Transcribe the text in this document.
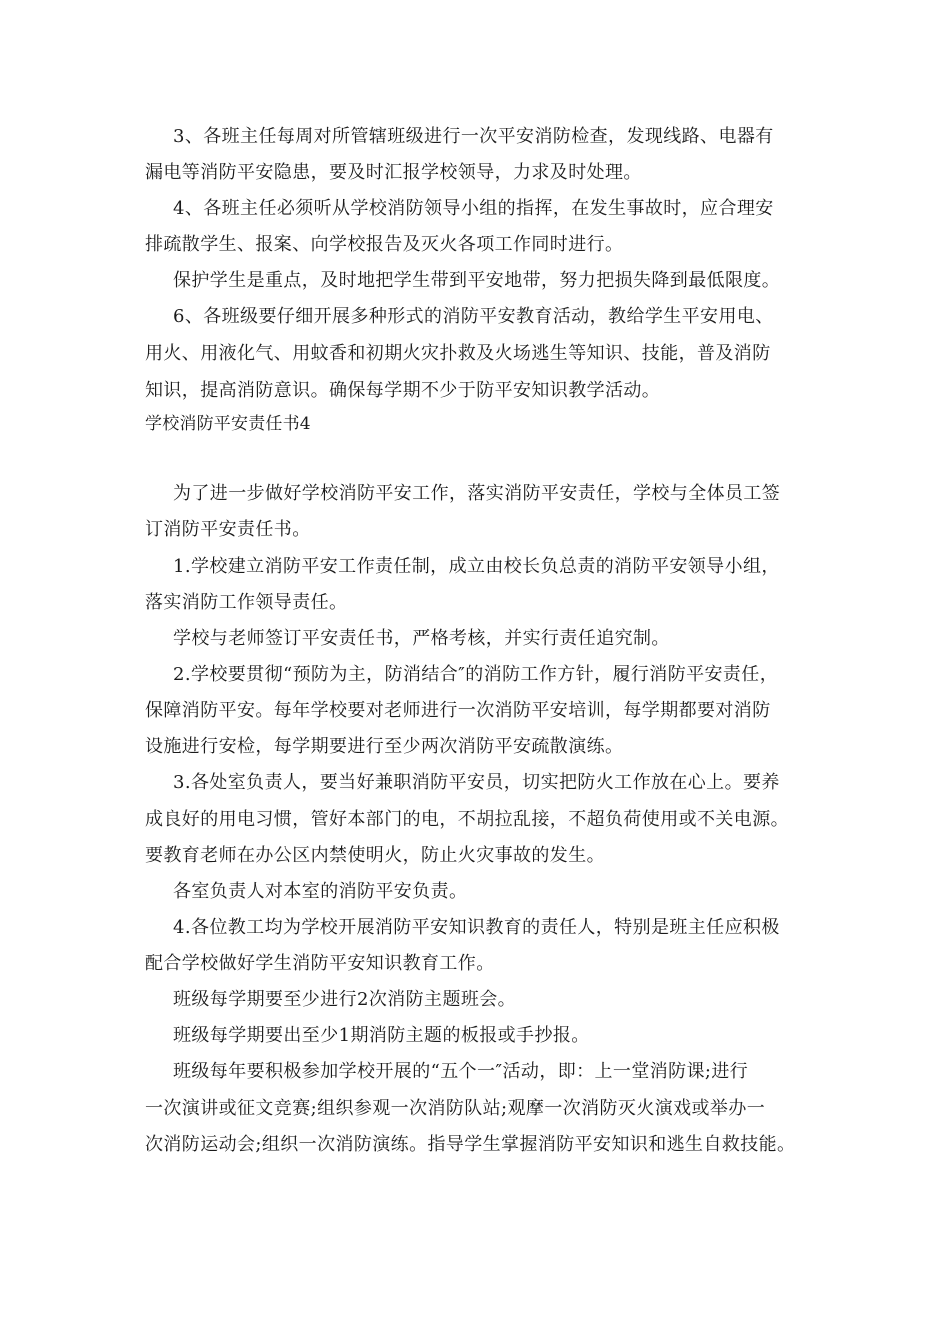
3、各班主任每周对所管辖班级进行一次平安消防检查，发现线路、电器有
漏电等消防平安隐患，要及时汇报学校领导，力求及时处理。
4、各班主任必须听从学校消防领导小组的指挥，在发生事故时，应合理安
排疏散学生、报案、向学校报告及灭火各项工作同时进行。
保护学生是重点，及时地把学生带到平安地带，努力把损失降到最低限度。
6、各班级要仔细开展多种形式的消防平安教育活动，教给学生平安用电、
用火、用液化气、用蚊香和初期火灾扑救及火场逃生等知识、技能，普及消防
知识，提高消防意识。确保每学期不少于防平安知识教学活动。
学校消防平安责任书4
为了进一步做好学校消防平安工作，落实消防平安责任，学校与全体员工签
订消防平安责任书。
1.学校建立消防平安工作责任制，成立由校长负总责的消防平安领导小组，
落实消防工作领导责任。
学校与老师签订平安责任书，严格考核，并实行责任追究制。
2.学校要贯彻“预防为主，防消结合″的消防工作方针，履行消防平安责任，
保障消防平安。每年学校要对老师进行一次消防平安培训，每学期都要对消防
设施进行安检，每学期要进行至少两次消防平安疏散演练。
3.各处室负责人，要当好兼职消防平安员，切实把防火工作放在心上。要养
成良好的用电习惯，管好本部门的电，不胡拉乱接，不超负荷使用或不关电源。
要教育老师在办公区内禁使明火，防止火灾事故的发生。
各室负责人对本室的消防平安负责。
4.各位教工均为学校开展消防平安知识教育的责任人，特别是班主任应积极
配合学校做好学生消防平安知识教育工作。
班级每学期要至少进行2次消防主题班会。
班级每学期要出至少1期消防主题的板报或手抄报。
班级每年要积极参加学校开展的“五个一″活动，即：上一堂消防课;进行
一次演讲或征文竞赛;组织参观一次消防队站;观摩一次消防灭火演戏或举办一
次消防运动会;组织一次消防演练。指导学生掌握消防平安知识和逃生自救技能。
